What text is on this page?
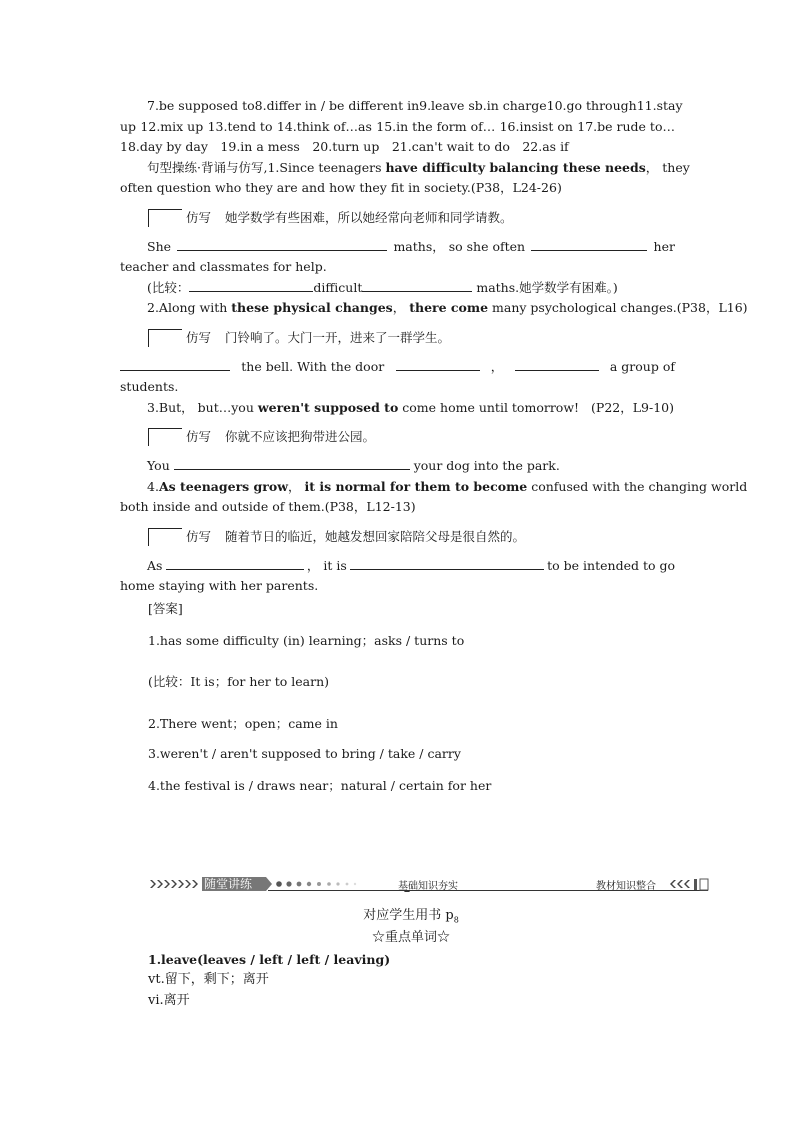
7.be supposed to 8.differ in / be different in 9.leave sb.in charge 10.go through 11.stay
up 12.mix up 13.tend to 14.think of…as 15.in the form of… 16.insist on 17.be rude to…
18.day by day　19.in a mess　20.turn up　21.can't wait to do　22.as if
句型操练·背诵与仿写,1.Since teenagers have difficulty balancing these needs ， they
often question who they are and how they fit in society.(P38，L24-26)
仿写 她学数学有些困难，所以她经常向老师和同学请教。
She	maths， so she often	her
teacher and classmates for help.
(比较：	difficult	maths.她学数学有困难。)
2.Along with these physical changes， there come many psychological changes.(P38，L16)
仿写 门铃响了。大门一开，进来了一群学生。
the bell. With the door	，	a group of
students.
3.But， but…you weren't supposed to come home until tomorrow! (P22，L9-10)
仿写 你就不应该把狗带进公园。
You	your dog into the park.
4.As teenagers grow， it is normal for them to become confused with the changing world
both inside and outside of them.(P38，L12-13)
仿写 随着节日的临近，她越发想回家陪陪父母是很自然的。
As	， it is	to be intended to go
home staying with her parents.
[答案]
1.has some difficulty (in) learning；asks / turns to
(比较：It is；for her to learn)
2.There went；open；came in
3.weren't / aren't supposed to bring / take / carry
4.the festival is / draws near；natural / certain for her
随堂讲练	基础知识夯实	教材知识整合
对应学生用书 $p_8$
☆重点单词☆
1.leave(leaves / left / left / leaving)
vt.留下，剩下；离开
vi.离开
